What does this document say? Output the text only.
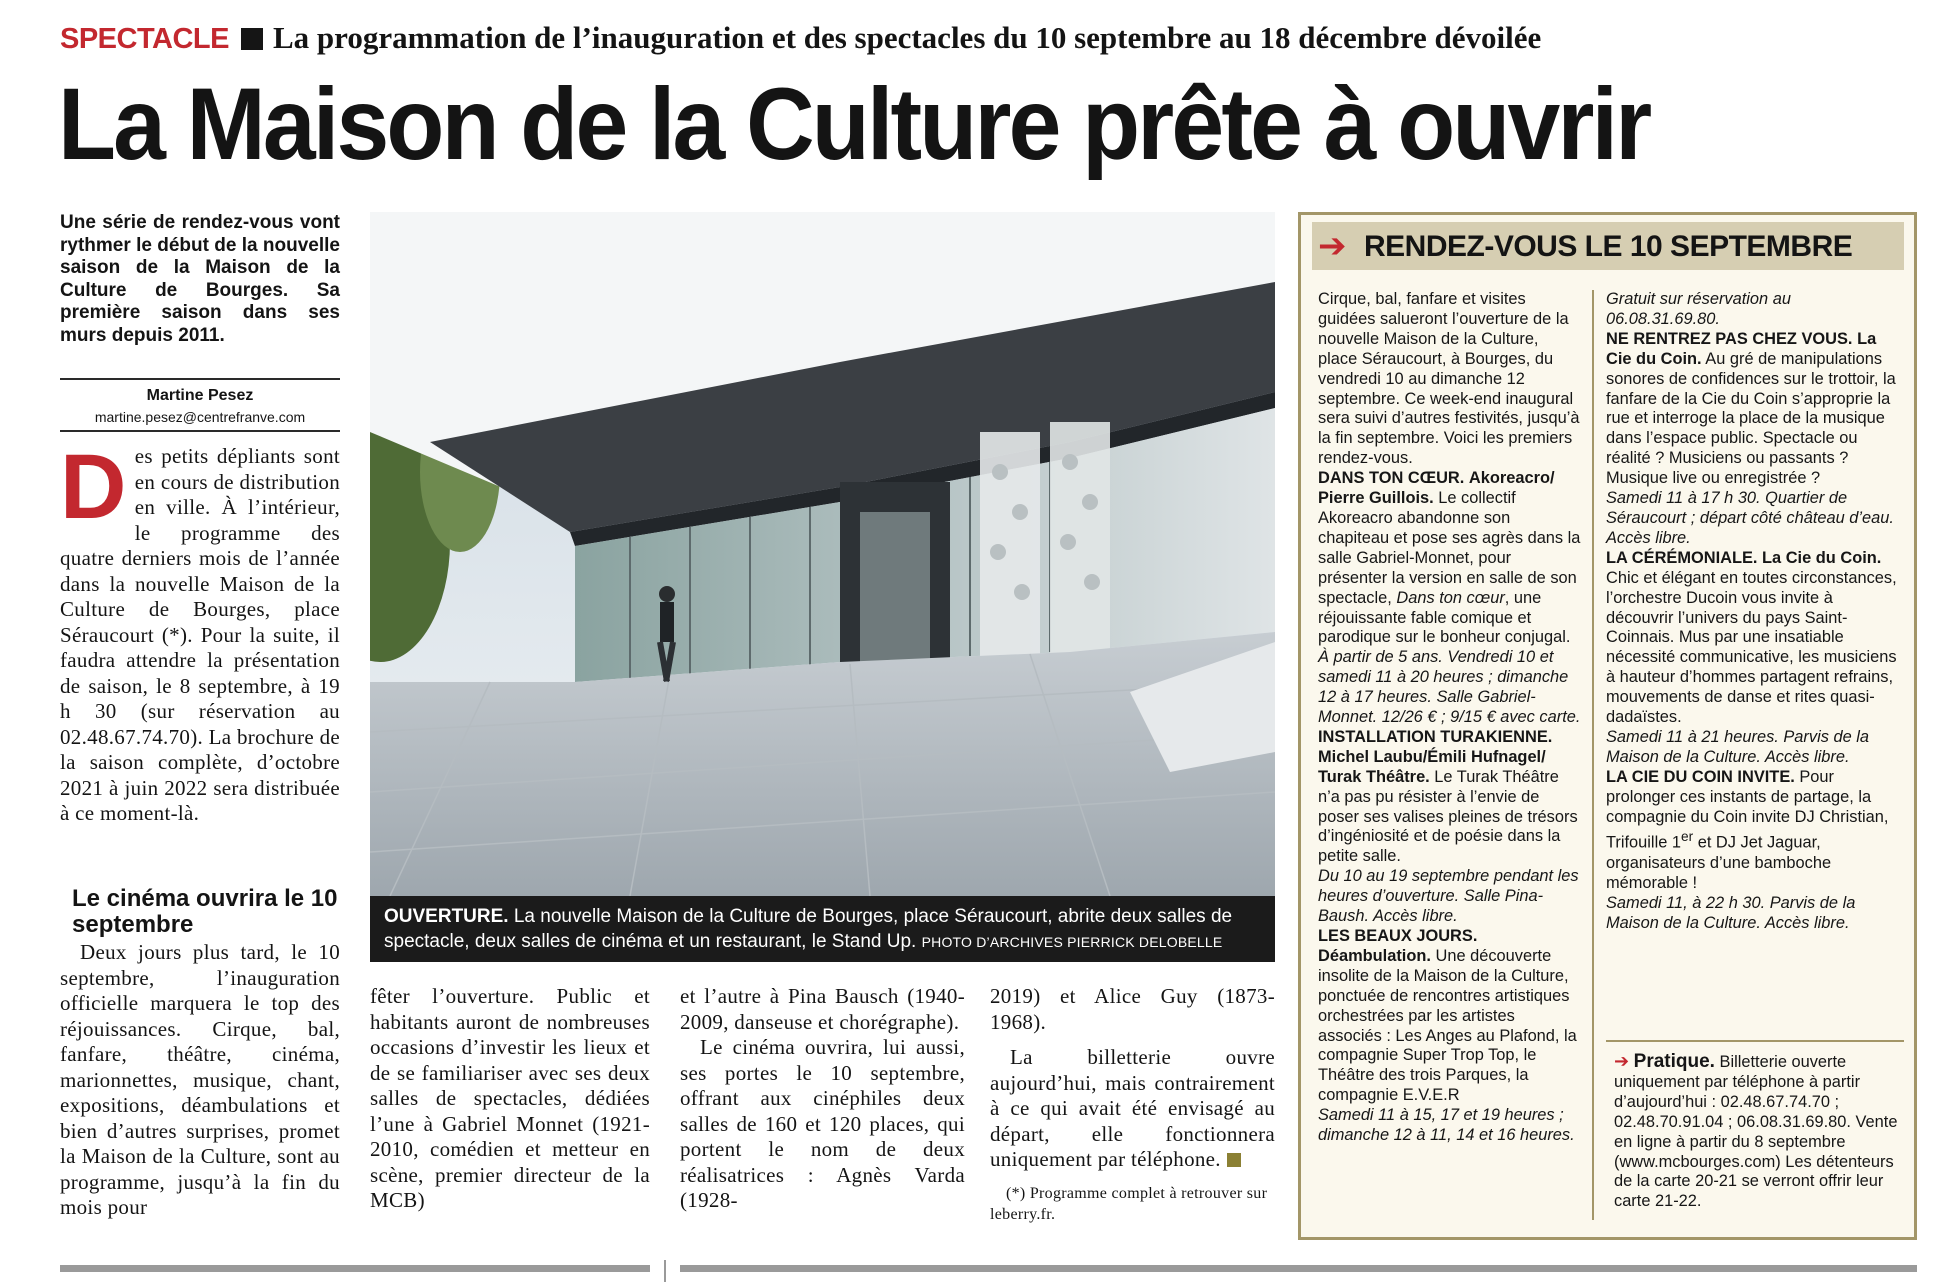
SPECTACLE La programmation de l’inauguration et des spectacles du 10 septembre au 18 décembre dévoilée
La Maison de la Culture prête à ouvrir
Une série de rendez-vous vont rythmer le début de la nouvelle saison de la Maison de la Culture de Bourges. Sa première saison dans ses murs depuis 2011.
Martine Pesez
martine.pesez@centrefranve.com
Des petits dépliants sont en cours de distribution en ville. À l’intérieur, le programme des quatre derniers mois de l’année dans la nouvelle Maison de la Culture de Bourges, place Séraucourt (*). Pour la suite, il faudra attendre la présentation de saison, le 8 septembre, à 19 h 30 (sur réservation au 02.48.67.74.70). La brochure de la saison complète, d’octobre 2021 à juin 2022 sera distribuée à ce moment-là.
Le cinéma ouvrira le 10 septembre
Deux jours plus tard, le 10 septembre, l’inauguration officielle marquera le top des réjouissances. Cirque, bal, fanfare, théâtre, cinéma, marionnettes, musique, chant, expositions, déambulations et bien d’autres surprises, promet la Maison de la Culture, sont au programme, jusqu’à la fin du mois pour
OUVERTURE. La nouvelle Maison de la Culture de Bourges, place Séraucourt, abrite deux salles de spectacle, deux salles de cinéma et un restaurant, le Stand Up. PHOTO D’ARCHIVES PIERRICK DELOBELLE
fêter l’ouverture. Public et habitants auront de nombreuses occasions d’investir les lieux et de se familiariser avec ses deux salles de spectacles, dédiées l’une à Gabriel Monnet (1921-2010, comédien et metteur en scène, premier directeur de la MCB)
et l’autre à Pina Bausch (1940-2009, danseuse et chorégraphe).
Le cinéma ouvrira, lui aussi, ses portes le 10 septembre, offrant aux cinéphiles deux salles de 160 et 120 places, qui portent le nom de deux réalisatrices : Agnès Varda (1928-
2019) et Alice Guy (1873-1968).
La billetterie ouvre aujourd’hui, mais contrairement à ce qui avait été envisagé au départ, elle fonctionnera uniquement par téléphone.
(*) Programme complet à retrouver sur leberry.fr.
➔ RENDEZ-VOUS LE 10 SEPTEMBRE

Cirque, bal, fanfare et visites guidées salueront l’ouverture de la nouvelle Maison de la Culture, place Séraucourt, à Bourges, du vendredi 10 au dimanche 12 septembre. Ce week-end inaugural sera suivi d’autres festivités, jusqu’à la fin septembre. Voici les premiers rendez-vous.

DANS TON CŒUR. Akoreacro/ Pierre Guillois. Le collectif Akoreacro abandonne son chapiteau et pose ses agrès dans la salle Gabriel-Monnet, pour présenter la version en salle de son spectacle, Dans ton cœur, une réjouissante fable comique et parodique sur le bonheur conjugal.

À partir de 5 ans. Vendredi 10 et samedi 11 à 20 heures ; dimanche 12 à 17 heures. Salle Gabriel-Monnet. 12/26 € ; 9/15 € avec carte.

INSTALLATION TURAKIENNE. Michel Laubu/Émili Hufnagel/ Turak Théâtre. Le Turak Théâtre n’a pas pu résister à l’envie de poser ses valises pleines de trésors d’ingéniosité et de poésie dans la petite salle.

Du 10 au 19 septembre pendant les heures d’ouverture. Salle Pina-Baush. Accès libre.

LES BEAUX JOURS. Déambulation. Une découverte insolite de la Maison de la Culture, ponctuée de rencontres artistiques orchestrées par les artistes associés : Les Anges au Plafond, la compagnie Super Trop Top, le Théâtre des trois Parques, la compagnie E.V.E.R

Samedi 11 à 15, 17 et 19 heures ; dimanche 12 à 11, 14 et 16 heures.

Gratuit sur réservation au 06.08.31.69.80.

NE RENTREZ PAS CHEZ VOUS. La Cie du Coin. Au gré de manipulations sonores de confidences sur le trottoir, la fanfare de la Cie du Coin s’approprie la rue et interroge la place de la musique dans l’espace public. Spectacle ou réalité ? Musiciens ou passants ? Musique live ou enregistrée ?

Samedi 11 à 17 h 30. Quartier de Séraucourt ; départ côté château d’eau. Accès libre.

LA CÉRÉMONIALE. La Cie du Coin. Chic et élégant en toutes circonstances, l’orchestre Ducoin vous invite à découvrir l’univers du pays Saint-Coinnais. Mus par une insatiable nécessité communicative, les musiciens à hauteur d’hommes partagent refrains, mouvements de danse et rites quasi-dadaïstes.

Samedi 11 à 21 heures. Parvis de la Maison de la Culture. Accès libre.

LA CIE DU COIN INVITE. Pour prolonger ces instants de partage, la compagnie du Coin invite DJ Christian, Trifouille 1er et DJ Jet Jaguar, organisateurs d’une bamboche mémorable !

Samedi 11, à 22 h 30. Parvis de la Maison de la Culture. Accès libre.

➔ Pratique. Billetterie ouverte uniquement par téléphone à partir d’aujourd’hui : 02.48.67.74.70 ; 02.48.70.91.04 ; 06.08.31.69.80. Vente en ligne à partir du 8 septembre (www.mcbourges.com) Les détenteurs de la carte 20-21 se verront offrir leur carte 21-22.
